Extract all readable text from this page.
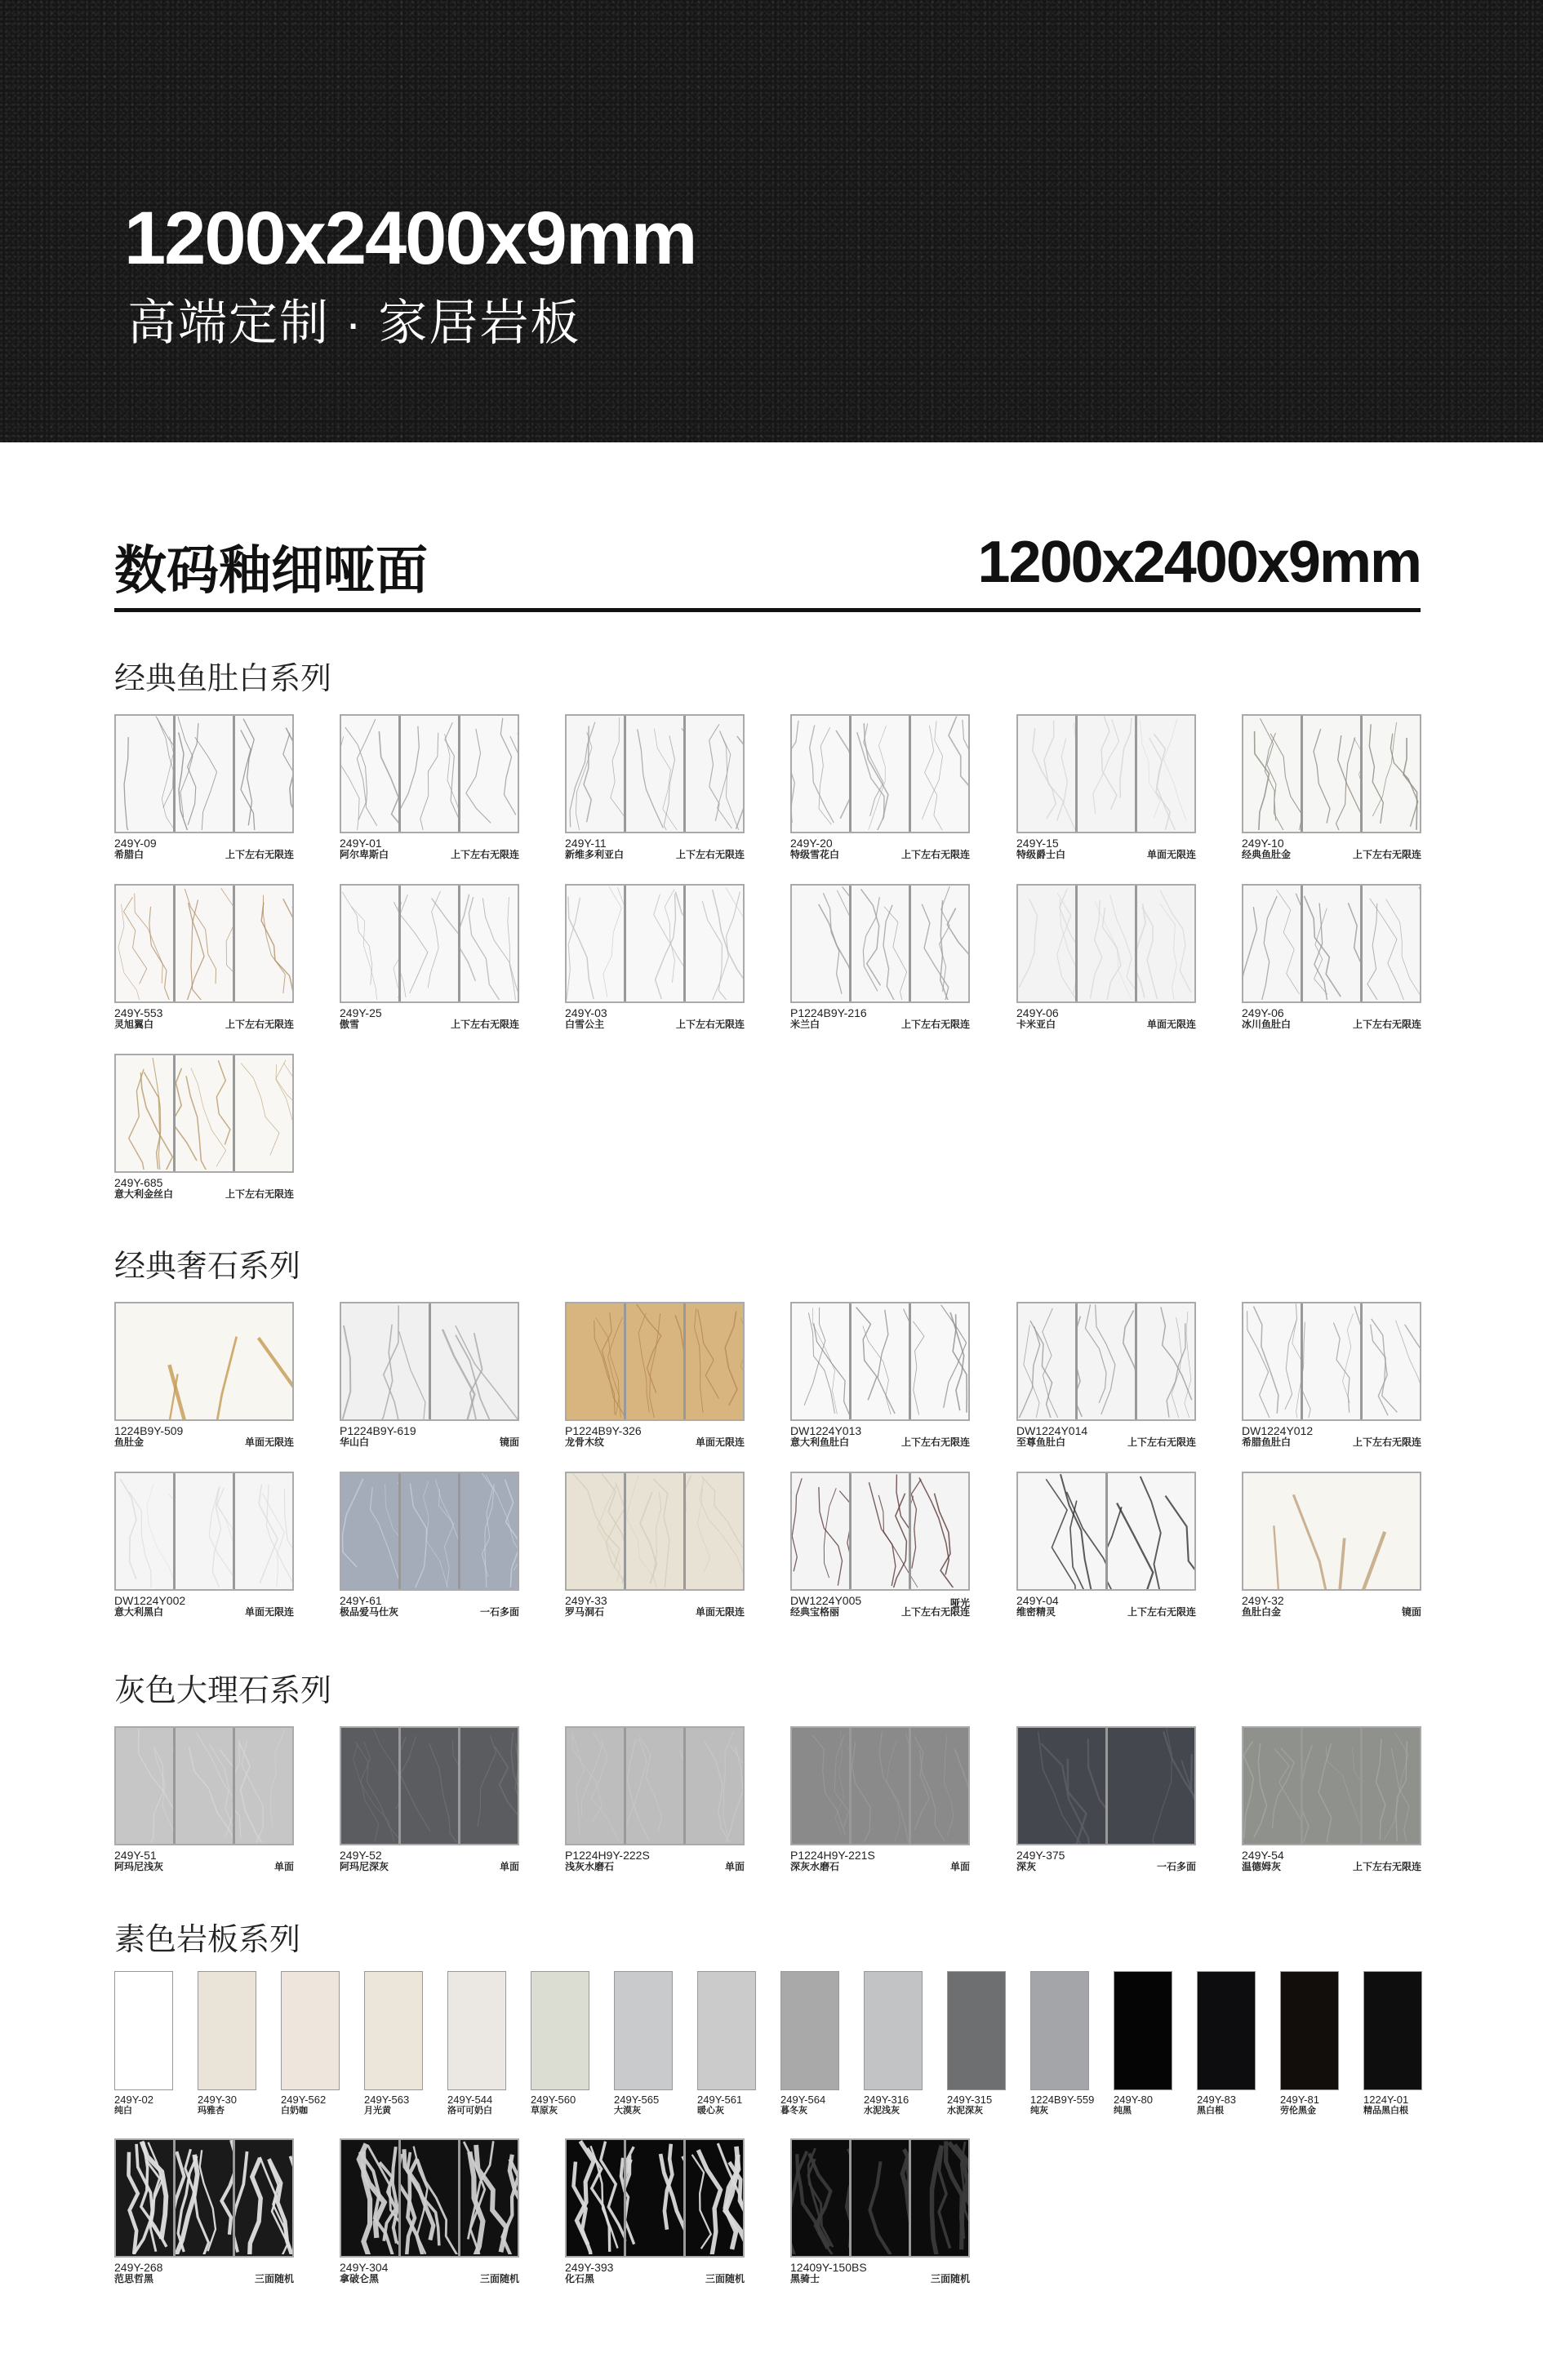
1200x2400x9mm
高端定制 · 家居岩板
数码釉细哑面	1200x2400x9mm
经典鱼肚白系列
249Y-09
希腊白	上下左右无限连
249Y-01
阿尔卑斯白	上下左右无限连
249Y-11
新维多利亚白	上下左右无限连
249Y-20
特级雪花白	上下左右无限连
249Y-15
特级爵士白	单面无限连
249Y-10
经典鱼肚金	上下左右无限连
249Y-553
灵旭翼白	上下左右无限连
249Y-25
傲雪	上下左右无限连
249Y-03
白雪公主	上下左右无限连
P1224B9Y-216
米兰白	上下左右无限连
249Y-06
卡米亚白	单面无限连
249Y-06
冰川鱼肚白	上下左右无限连
249Y-685
意大利金丝白	上下左右无限连
经典奢石系列
1224B9Y-509
鱼肚金	单面无限连
P1224B9Y-619
华山白	镜面
P1224B9Y-326
龙骨木纹	单面无限连
DW1224Y013
意大利鱼肚白	上下左右无限连
DW1224Y014
至尊鱼肚白	上下左右无限连
DW1224Y012
希腊鱼肚白	上下左右无限连
DW1224Y002
意大利黑白	单面无限连
249Y-61
极品爱马仕灰	一石多面
249Y-33
罗马洞石	单面无限连
DW1224Y005	哑光
经典宝格丽	上下左右无限连
249Y-04
维密精灵	上下左右无限连
249Y-32
鱼肚白金	镜面
灰色大理石系列
249Y-51
阿玛尼浅灰	单面
249Y-52
阿玛尼深灰	单面
P1224H9Y-222S
浅灰水磨石	单面
P1224H9Y-221S
深灰水磨石	单面
249Y-375
深灰	一石多面
249Y-54
温德姆灰	上下左右无限连
素色岩板系列
249Y-02
纯白
249Y-30
玛雅杏
249Y-562
白奶咖
249Y-563
月光黄
249Y-544
洛可可奶白
249Y-560
草原灰
249Y-565
大漠灰
249Y-561
暖心灰
249Y-564
暮冬灰
249Y-316
水泥浅灰
249Y-315
水泥深灰
1224B9Y-559
纯灰
249Y-80
纯黑
249Y-83
黑白根
249Y-81
劳伦黑金
1224Y-01
精品黑白根
249Y-268
范思哲黑	三面随机
249Y-304
拿破仑黑	三面随机
249Y-393
化石黑	三面随机
12409Y-150BS
黑骑士	三面随机
